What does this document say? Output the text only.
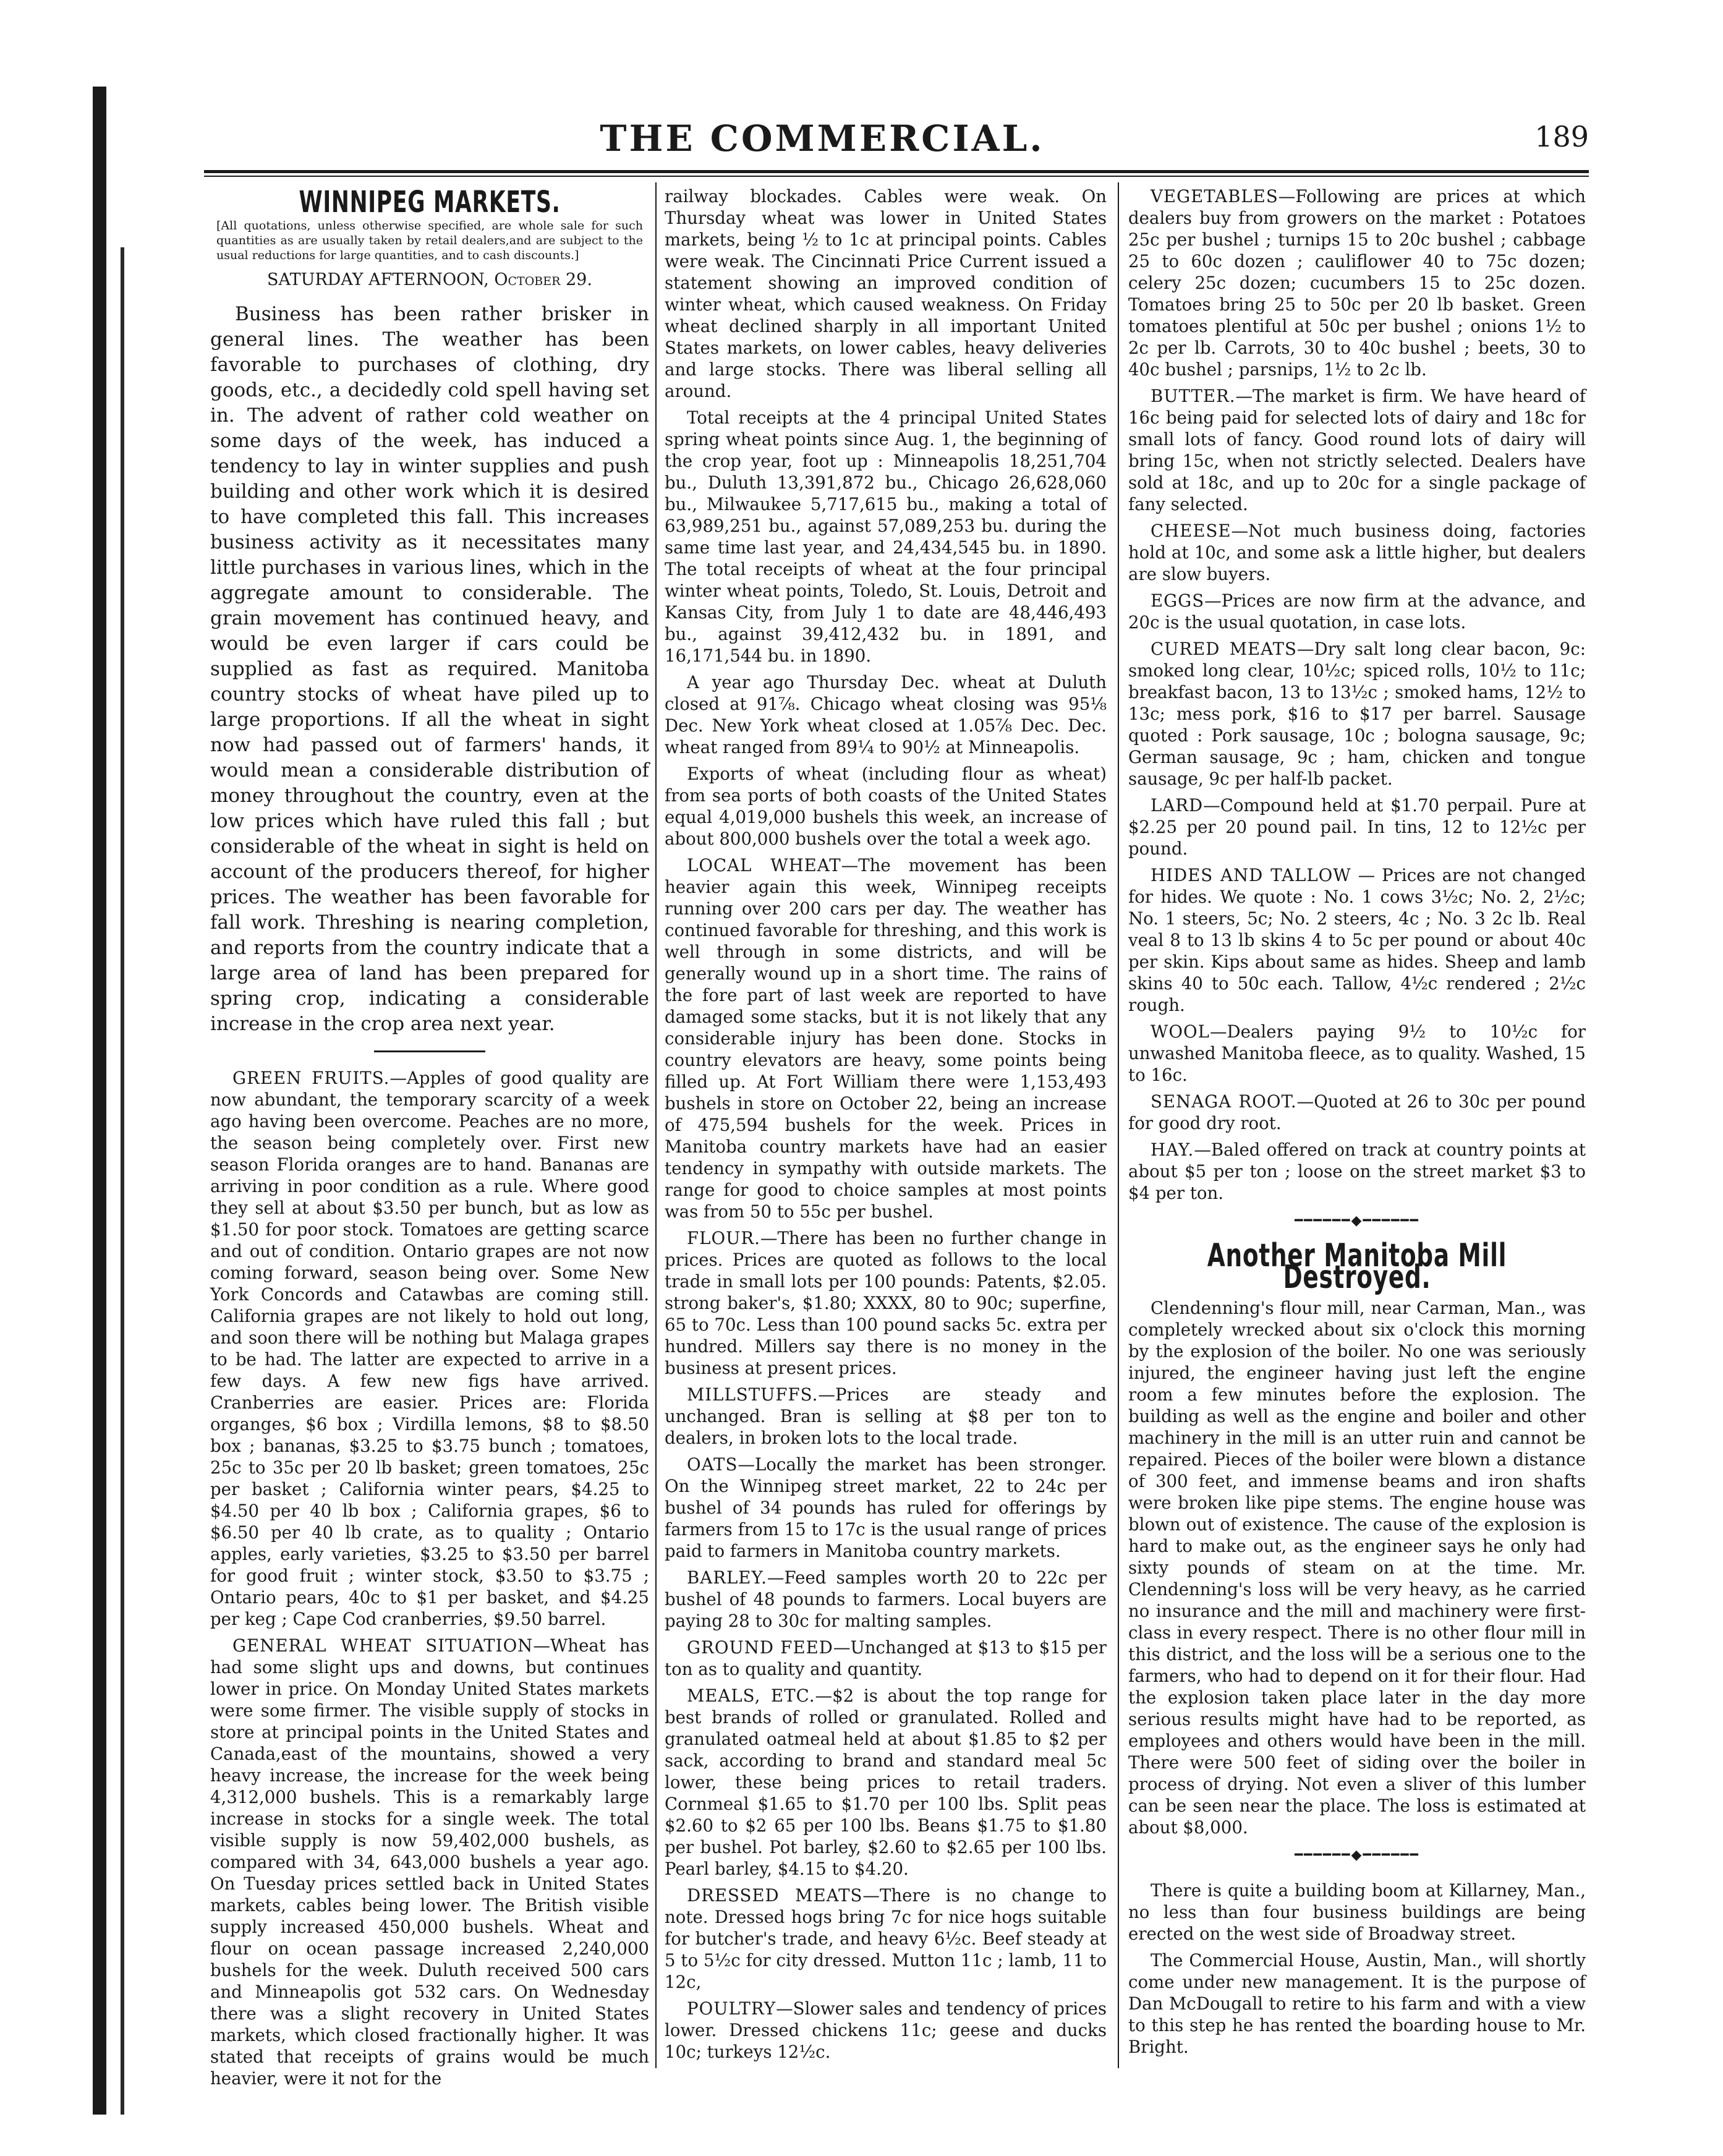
THE COMMERCIAL.	189
WINNIPEG MARKETS.
[All quotations, unless otherwise specified, are whole sale for such quantities as are usually taken by retail dealers,and are subject to the usual reductions for large quantities, and to cash discounts.]
SATURDAY AFTERNOON, October 29.

Business has been rather brisker in general lines. The weather has been favorable to purchases of clothing, dry goods, etc., a decidedly cold spell having set in. The advent of rather cold weather on some days of the week, has induced a tendency to lay in winter supplies and push building and other work which it is desired to have completed this fall. This increases business activity as it necessitates many little purchases in various lines, which in the aggregate amount to considerable. The grain movement has continued heavy, and would be even larger if cars could be supplied as fast as required. Manitoba country stocks of wheat have piled up to large proportions. If all the wheat in sight now had passed out of farmers' hands, it would mean a considerable distribution of money throughout the country, even at the low prices which have ruled this fall ; but considerable of the wheat in sight is held on account of the producers thereof, for higher prices. The weather has been favorable for fall work. Threshing is nearing completion, and reports from the country indicate that a large area of land has been prepared for spring crop, indicating a considerable increase in the crop area next year.

GREEN FRUITS.—Apples of good quality are now abundant, the temporary scarcity of a week ago having been overcome. Peaches are no more, the season being completely over. First new season Florida oranges are to hand. Bananas are arriving in poor condition as a rule. Where good they sell at about $3.50 per bunch, but as low as $1.50 for poor stock. Tomatoes are getting scarce and out of condition. Ontario grapes are not now coming forward, season being over. Some New York Concords and Catawbas are coming still. California grapes are not likely to hold out long, and soon there will be nothing but Malaga grapes to be had. The latter are expected to arrive in a few days. A few new figs have arrived. Cranberries are easier. Prices are: Florida organges, $6 box ; Virdilla lemons, $8 to $8.50 box ; bananas, $3.25 to $3.75 bunch ; tomatoes, 25c to 35c per 20 lb basket; green tomatoes, 25c per basket ; California winter pears, $4.25 to $4.50 per 40 lb box ; California grapes, $6 to $6.50 per 40 lb crate, as to quality ; Ontario apples, early varieties, $3.25 to $3.50 per barrel for good fruit ; winter stock, $3.50 to $3.75 ; Ontario pears, 40c to $1 per basket, and $4.25 per keg ; Cape Cod cranberries, $9.50 barrel.

GENERAL WHEAT SITUATION—Wheat has had some slight ups and downs, but continues lower in price. On Monday United States markets were some firmer. The visible supply of stocks in store at principal points in the United States and Canada,east of the mountains, showed a very heavy increase, the increase for the week being 4,312,000 bushels. This is a remarkably large increase in stocks for a single week. The total visible supply is now 59,402,000 bushels, as compared with 34, 643,000 bushels a year ago. On Tuesday prices settled back in United States markets, cables being lower. The British visible supply increased 450,000 bushels. Wheat and flour on ocean passage increased 2,240,000 bushels for the week. Duluth received 500 cars and Minneapolis got 532 cars. On Wednesday there was a slight recovery in United States markets, which closed fractionally higher. It was stated that receipts of grains would be much heavier, were it not for the

railway blockades. Cables were weak. On Thursday wheat was lower in United States markets, being ½ to 1c at principal points. Cables were weak. The Cincinnati Price Current issued a statement showing an improved condition of winter wheat, which caused weakness. On Friday wheat declined sharply in all important United States markets, on lower cables, heavy deliveries and large stocks. There was liberal selling all around.

Total receipts at the 4 principal United States spring wheat points since Aug. 1, the beginning of the crop year, foot up : Minneapolis 18,251,704 bu., Duluth 13,391,872 bu., Chicago 26,628,060 bu., Milwaukee 5,717,615 bu., making a total of 63,989,251 bu., against 57,089,253 bu. during the same time last year, and 24,434,545 bu. in 1890. The total receipts of wheat at the four principal winter wheat points, Toledo, St. Louis, Detroit and Kansas City, from July 1 to date are 48,446,493 bu., against 39,412,432 bu. in 1891, and 16,171,544 bu. in 1890.

A year ago Thursday Dec. wheat at Duluth closed at 91⅞. Chicago wheat closing was 95⅛ Dec. New York wheat closed at 1.05⅞ Dec. Dec. wheat ranged from 89¼ to 90½ at Minneapolis.

Exports of wheat (including flour as wheat) from sea ports of both coasts of the United States equal 4,019,000 bushels this week, an increase of about 800,000 bushels over the total a week ago.

LOCAL WHEAT—The movement has been heavier again this week, Winnipeg receipts running over 200 cars per day. The weather has continued favorable for threshing, and this work is well through in some districts, and will be generally wound up in a short time. The rains of the fore part of last week are reported to have damaged some stacks, but it is not likely that any considerable injury has been done. Stocks in country elevators are heavy, some points being filled up. At Fort William there were 1,153,493 bushels in store on October 22, being an increase of 475,594 bushels for the week. Prices in Manitoba country markets have had an easier tendency in sympathy with outside markets. The range for good to choice samples at most points was from 50 to 55c per bushel.

FLOUR.—There has been no further change in prices. Prices are quoted as follows to the local trade in small lots per 100 pounds: Patents, $2.05. strong baker's, $1.80; XXXX, 80 to 90c; superfine, 65 to 70c. Less than 100 pound sacks 5c. extra per hundred. Millers say there is no money in the business at present prices.

MILLSTUFFS.—Prices are steady and unchanged. Bran is selling at $8 per ton to dealers, in broken lots to the local trade.

OATS—Locally the market has been stronger. On the Winnipeg street market, 22 to 24c per bushel of 34 pounds has ruled for offerings by farmers from 15 to 17c is the usual range of prices paid to farmers in Manitoba country markets.

BARLEY.—Feed samples worth 20 to 22c per bushel of 48 pounds to farmers. Local buyers are paying 28 to 30c for malting samples.

GROUND FEED—Unchanged at $13 to $15 per ton as to quality and quantity.

MEALS, ETC.—$2 is about the top range for best brands of rolled or granulated. Rolled and granulated oatmeal held at about $1.85 to $2 per sack, according to brand and standard meal 5c lower, these being prices to retail traders. Cornmeal $1.65 to $1.70 per 100 lbs. Split peas $2.60 to $2 65 per 100 lbs. Beans $1.75 to $1.80 per bushel. Pot barley, $2.60 to $2.65 per 100 lbs. Pearl barley, $4.15 to $4.20.

DRESSED MEATS—There is no change to note. Dressed hogs bring 7c for nice hogs suitable for butcher's trade, and heavy 6½c. Beef steady at 5 to 5½c for city dressed. Mutton 11c ; lamb, 11 to 12c,

POULTRY—Slower sales and tendency of prices lower. Dressed chickens 11c; geese and ducks 10c; turkeys 12½c.

VEGETABLES—Following are prices at which dealers buy from growers on the market : Potatoes 25c per bushel ; turnips 15 to 20c bushel ; cabbage 25 to 60c dozen ; cauliflower 40 to 75c dozen; celery 25c dozen; cucumbers 15 to 25c dozen. Tomatoes bring 25 to 50c per 20 lb basket. Green tomatoes plentiful at 50c per bushel ; onions 1½ to 2c per lb. Carrots, 30 to 40c bushel ; beets, 30 to 40c bushel ; parsnips, 1½ to 2c lb.

BUTTER.—The market is firm. We have heard of 16c being paid for selected lots of dairy and 18c for small lots of fancy. Good round lots of dairy will bring 15c, when not strictly selected. Dealers have sold at 18c, and up to 20c for a single package of fany selected.

CHEESE—Not much business doing, factories hold at 10c, and some ask a little higher, but dealers are slow buyers.

EGGS—Prices are now firm at the advance, and 20c is the usual quotation, in case lots.

CURED MEATS—Dry salt long clear bacon, 9c: smoked long clear, 10½c; spiced rolls, 10½ to 11c; breakfast bacon, 13 to 13½c ; smoked hams, 12½ to 13c; mess pork, $16 to $17 per barrel. Sausage quoted : Pork sausage, 10c ; bologna sausage, 9c; German sausage, 9c ; ham, chicken and tongue sausage, 9c per half-lb packet.

LARD—Compound held at $1.70 perpail. Pure at $2.25 per 20 pound pail. In tins, 12 to 12½c per pound.

HIDES AND TALLOW — Prices are not changed for hides. We quote : No. 1 cows 3½c; No. 2, 2½c; No. 1 steers, 5c; No. 2 steers, 4c ; No. 3 2c lb. Real veal 8 to 13 lb skins 4 to 5c per pound or about 40c per skin. Kips about same as hides. Sheep and lamb skins 40 to 50c each. Tallow, 4½c rendered ; 2½c rough.

WOOL—Dealers paying 9½ to 10½c for unwashed Manitoba fleece, as to quality. Washed, 15 to 16c.

SENAGA ROOT.—Quoted at 26 to 30c per pound for good dry root.

HAY.—Baled offered on track at country points at about $5 per ton ; loose on the street market $3 to $4 per ton.

━━━━━━◆━━━━━━
Another Manitoba Mill Destroyed.

Clendenning's flour mill, near Carman, Man., was completely wrecked about six o'clock this morning by the explosion of the boiler. No one was seriously injured, the engineer having just left the engine room a few minutes before the explosion. The building as well as the engine and boiler and other machinery in the mill is an utter ruin and cannot be repaired. Pieces of the boiler were blown a distance of 300 feet, and immense beams and iron shafts were broken like pipe stems. The engine house was blown out of existence. The cause of the explosion is hard to make out, as the engineer says he only had sixty pounds of steam on at the time. Mr. Clendenning's loss will be very heavy, as he carried no insurance and the mill and machinery were first-class in every respect. There is no other flour mill in this district, and the loss will be a serious one to the farmers, who had to depend on it for their flour. Had the explosion taken place later in the day more serious results might have had to be reported, as employees and others would have been in the mill. There were 500 feet of siding over the boiler in process of drying. Not even a sliver of this lumber can be seen near the place. The loss is estimated at about $8,000.

━━━━━━◆━━━━━━

There is quite a building boom at Killarney, Man., no less than four business buildings are being erected on the west side of Broadway street.

The Commercial House, Austin, Man., will shortly come under new management. It is the purpose of Dan McDougall to retire to his farm and with a view to this step he has rented the boarding house to Mr. Bright.
